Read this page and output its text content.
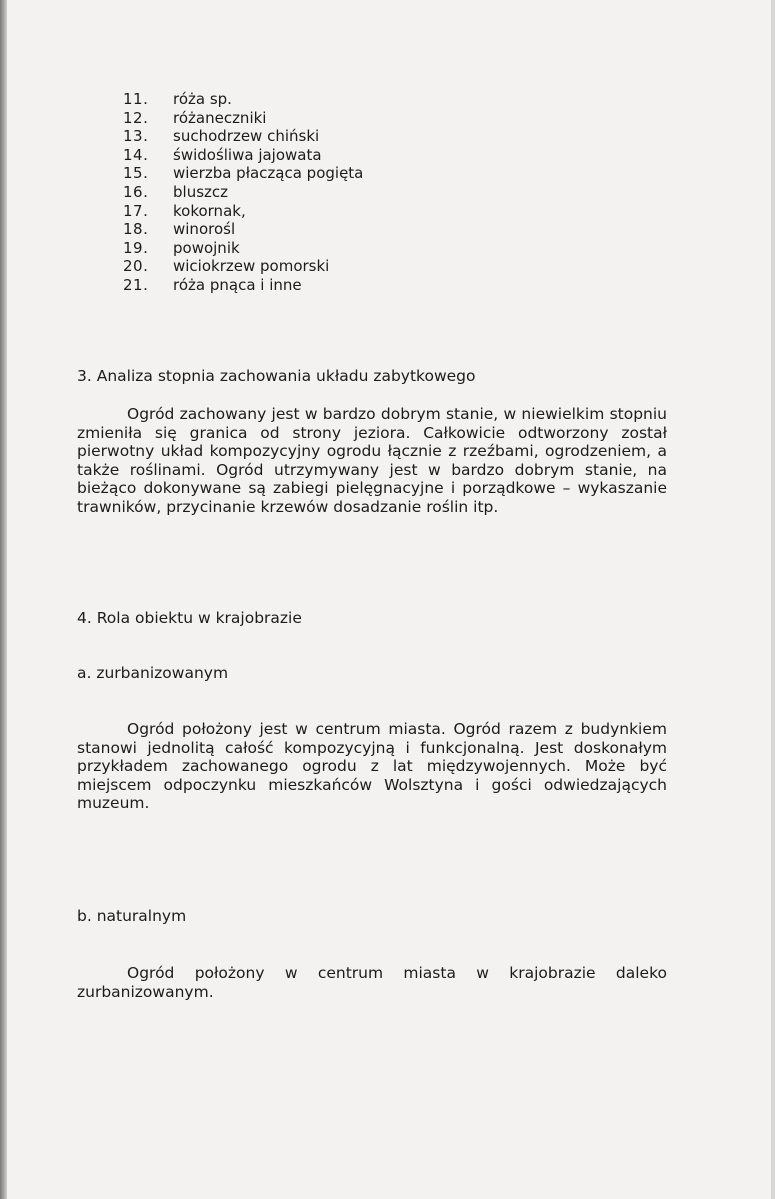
11.	róża sp.
12.	różaneczniki
13.	suchodrzew chiński
14.	świdośliwa jajowata
15.	wierzba płacząca pogięta
16.	bluszcz
17.	kokornak,
18.	winorośl
19.	powojnik
20.	wiciokrzew pomorski
21.	róża pnąca i inne
3. Analiza stopnia zachowania układu zabytkowego

Ogród zachowany jest w bardzo dobrym stanie, w niewielkim stopniu zmieniła się granica od strony jeziora. Całkowicie odtworzony został pierwotny układ kompozycyjny ogrodu łącznie z rzeźbami, ogrodzeniem, a także roślinami. Ogród utrzymywany jest w bardzo dobrym stanie, na bieżąco dokonywane są zabiegi pielęgnacyjne i porządkowe – wykaszanie trawników, przycinanie krzewów dosadzanie roślin itp.

4. Rola obiektu w krajobrazie
a. zurbanizowanym

Ogród położony jest w centrum miasta. Ogród razem z budynkiem stanowi jednolitą całość kompozycyjną i funkcjonalną. Jest doskonałym przykładem zachowanego ogrodu z lat międzywojennych. Może być miejscem odpoczynku mieszkańców Wolsztyna i gości odwiedzających muzeum.

b. naturalnym

Ogród położony w centrum miasta w krajobrazie daleko zurbanizowanym.
